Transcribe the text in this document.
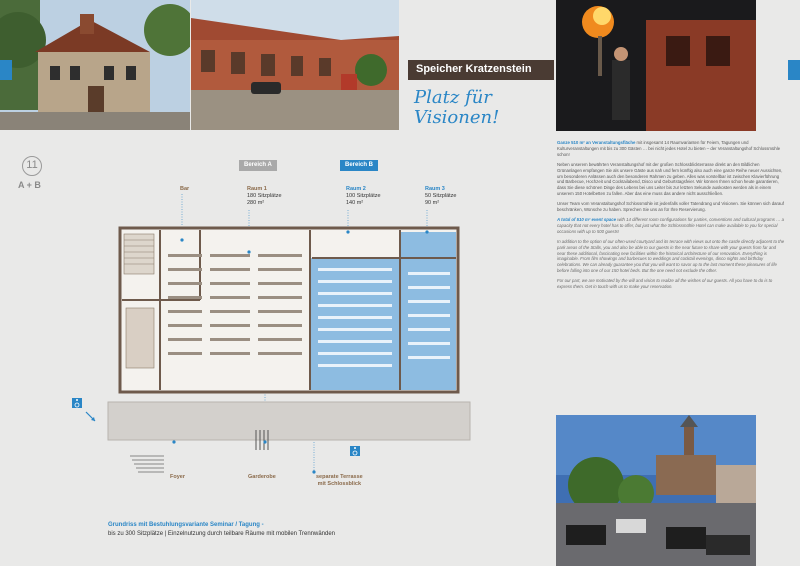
Speicher Kratzenstein
Platz für
Visionen!
11
A + B
Bereich A	Bereich B
Bar	Raum 1
180 Sitzplätze
280 m²
Raum 2
100 Sitzplätze
140 m²
Raum 3
50 Sitzplätze
90 m²
Foyer	Garderobe	separate Terrasse
mit Schlossblick
Grundriss mit Bestuhlungsvariante Seminar / Tagung -
bis zu 300 Sitzplätze | Einzelnutzung durch teilbare Räume mit mobilen Trennwänden

Ganze 510 m² an Veranstaltungsfläche mit insgesamt 14 Raumvarianten für Feiern, Tagungen und Kulturveranstaltungen mit bis zu 300 Gästen … bei nicht jedes Hotel zu bieten – der Veranstaltungshof Schlossmühle schon!

Neben unserem bewährten Veranstaltungshof mit der großen Schlossblickterrasse direkt an den Bildlichen Grünanlagen empfangen Sie als unsere Gäste aus nah und fern künftig also auch eine ganze Reihe neuer Aussichten, um besonderen Anlässen auch den besonderen Rahmen zu geben. Alles was vorstellbar ist zwischen Klavierführung und Barbecue, Hochzeit und Cocktailabend, Disco und Geburtstagsfeier. Wir können Ihnen schon heute garantieren, dass Sie diese schönen Dinge des Lebens bei uns Leiter bis zur letzten Sekunde auskosten werden als in einem unserem 150 Hotelbetten zu fallen. Aber das eine muss das andere nicht ausschließen.

Unser Team vom Veranstaltungshof Schlossmühle ist jedenfalls voller Tatendrang und Visionen. Sie können sich darauf beschränken, Wünsche zu haben. Sprechen Sie uns an für Ihre Reservierung.

A total of 510 m² event space with 14 different room configurations for parties, conventions and cultural programs … a capacity that not every hotel has to offer, but just what the Schlossmühle Hotel can make available to you for special occasions with up to 500 guests!

In addition to the option of our often-used courtyard and its terrace with views out onto the castle directly adjacent to the park areas of the Stalls, you and also be able to our guests in the near future to share with your guests from far and near these additional, fascinating new facilities within the historical architecture of our renovation. Everything is imaginable. From film showings and barbecues to weddings and cocktail evenings, disco nights and birthday celebrations. We can already guarantee you that you will want to savor up to the last moment these pleasures of life before falling into one of our 150 hotel beds. But the one need not exclude the other.

For our part, we are motivated by the will and vision to realize all the wishes of our guests. All you have to do is to express them. Get in touch with us to make your reservation.
